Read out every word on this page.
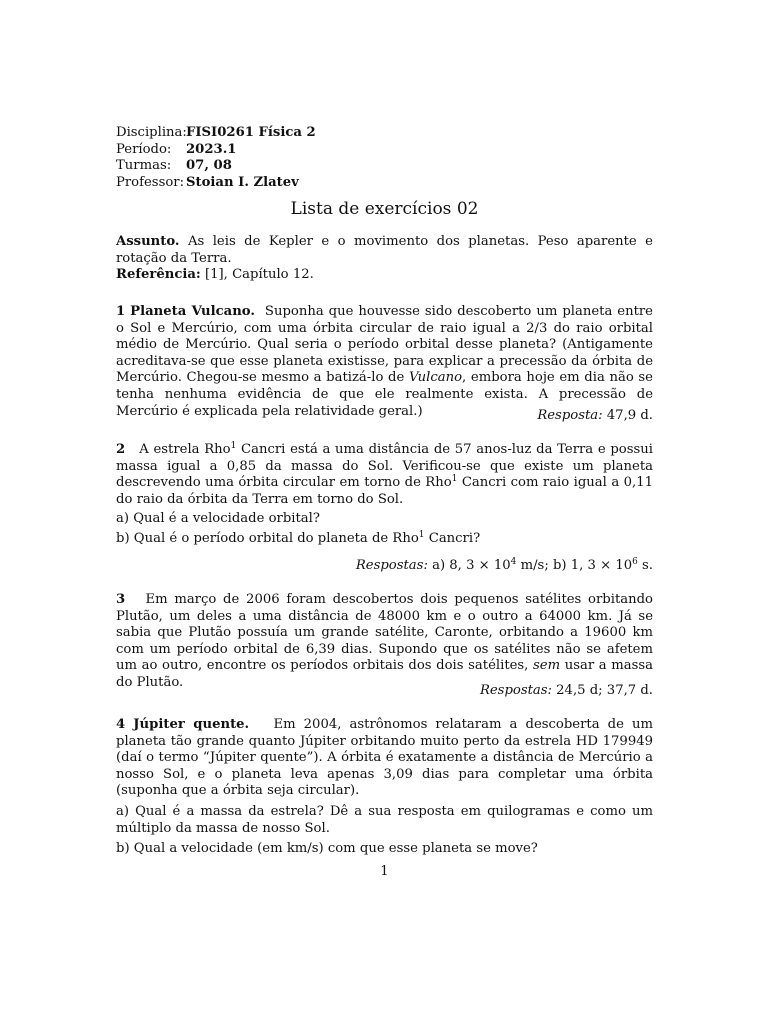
Disciplina: FISI0261 Física 2
Período:	2023.1
Turmas:	07, 08
Professor: Stoian I. Zlatev
Lista de exercícios 02

Assunto. As leis de Kepler e o movimento dos planetas. Peso aparente e rotação da Terra.

Referência: [1], Capítulo 12.

1 Planeta Vulcano. Suponha que houvesse sido descoberto um planeta entre o Sol e Mercúrio, com uma órbita circular de raio igual a 2/3 do raio orbital médio de Mercúrio. Qual seria o período orbital desse planeta? (Antigamente acreditava-se que esse planeta existisse, para explicar a precessão da órbita de Mercúrio. Chegou-se mesmo a batizá-lo de Vulcano, embora hoje em dia não se tenha nenhuma evidência de que ele realmente exista. A precessão de Mercúrio é explicada pela relatividade geral.)	Resposta: 47,9 d.

2 A estrela Rho$^1$ Cancri está a uma distância de 57 anos-luz da Terra e possui massa igual a 0,85 da massa do Sol. Verificou-se que existe um planeta descrevendo uma órbita circular em torno de Rho$^1$ Cancri com raio igual a 0,11 do raio da órbita da Terra em torno do Sol.

a) Qual é a velocidade orbital?

b) Qual é o período orbital do planeta de Rho$^1$ Cancri?

Respostas: a) 8, $3 \times 10^4$ m/s; b) 1, $3 \times 10^6$ s.

3 Em março de 2006 foram descobertos dois pequenos satélites orbitando Plutão, um deles a uma distância de 48000 km e o outro a 64000 km. Já se sabia que Plutão possuía um grande satélite, Caronte, orbitando a 19600 km com um período orbital de 6,39 dias. Supondo que os satélites não se afetem um ao outro, encontre os períodos orbitais dos dois satélites, sem usar a massa do Plutão.

Respostas: 24,5 d; 37,7 d.

4 Júpiter quente. Em 2004, astrônomos relataram a descoberta de um planeta tão grande quanto Júpiter orbitando muito perto da estrela HD 179949 (daí o termo “Júpiter quente”). A órbita é exatamente a distância de Mercúrio a nosso Sol, e o planeta leva apenas 3,09 dias para completar uma órbita (suponha que a órbita seja circular).

a) Qual é a massa da estrela? Dê a sua resposta em quilogramas e como um múltiplo da massa de nosso Sol.

b) Qual a velocidade (em km/s) com que esse planeta se move?

1
